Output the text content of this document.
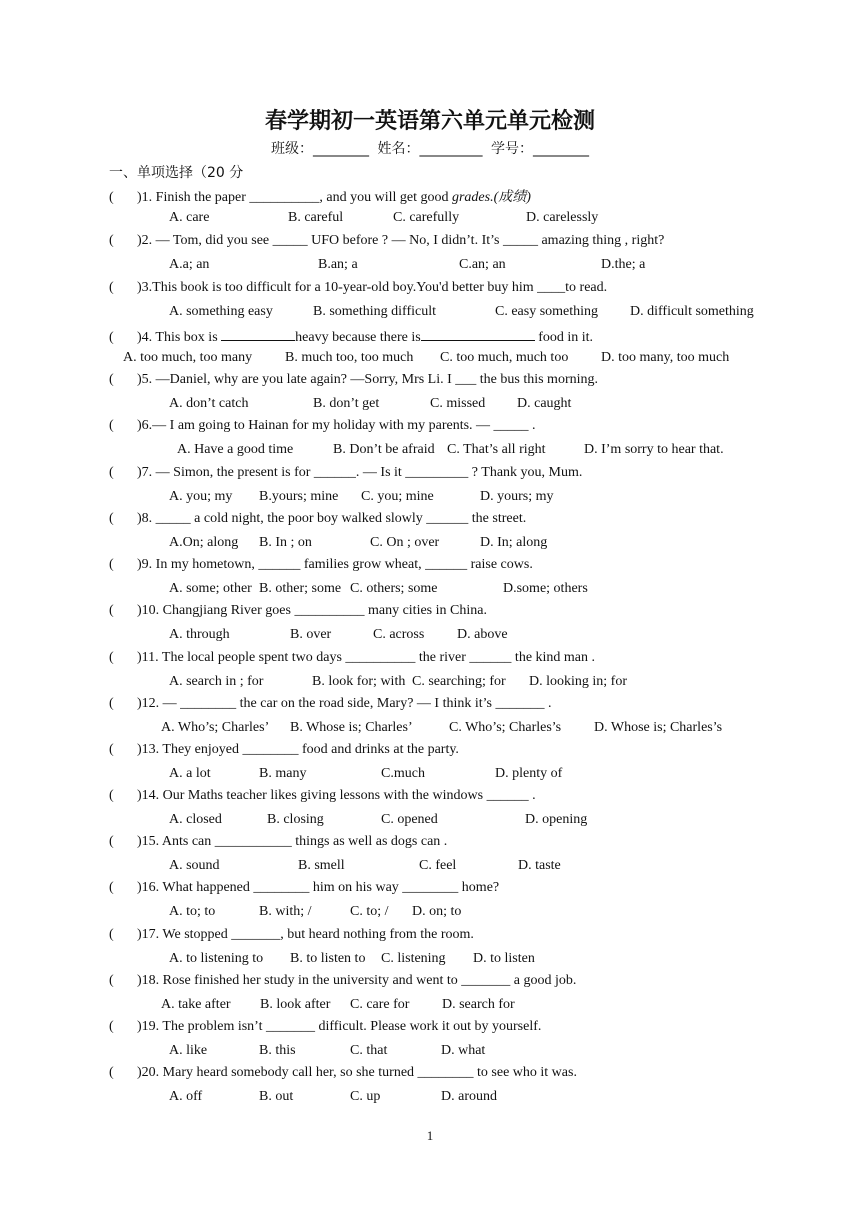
春学期初一英语第六单元单元检测
班级：________ 姓名：_________ 学号：________
一、单项选择（20 分
( )1. Finish the paper __________, and you will get good grades.(成绩)
A. care	B. careful	C. carefully	D. carelessly
( )2. — Tom, did you see _____ UFO before ? — No, I didn’t. It’s _____ amazing thing , right?
A.a; an	B.an; a	C.an; an	D.the; a
( )3.This book is too difficult for a 10-year-old boy.You'd better buy him ____to read.
A. something easy	B. something difficult	C. easy something D. difficult something
( )4. This box is	heavy because there is	food in it.
A. too much, too many B. much too, too much C. too much, much too D. too many, too much
( )5. —Daniel, why are you late again? —Sorry, Mrs Li. I ___ the bus this morning.
A. don’t catch	B. don’t get	C. missed D. caught
( )6.— I am going to Hainan for my holiday with my parents. — _____ .
A. Have a good time	B. Don’t be afraid C. That’s all right	D. I’m sorry to hear that.
( )7. — Simon, the present is for ______. — Is it _________ ? Thank you, Mum.
A. you; my B.yours; mine C. you; mine	D. yours; my
( )8. _____ a cold night, the poor boy walked slowly ______ the street.
A.On; along B. In ; on	C. On ; over	D. In; along
( )9. In my hometown, ______ families grow wheat, ______ raise cows.
A. some; other B. other; some C. others; some	D.some; others
( )10. Changjiang River goes __________ many cities in China.
A. through	B. over	C. across D. above
( )11. The local people spent two days __________ the river ______ the kind man .
A. search in ; for	B. look for; with C. searching; for D. looking in; for
( )12. — ________ the car on the road side, Mary? — I think it’s _______ .
A. Who’s; Charles’ B. Whose is; Charles’	C. Who’s; Charles’s D. Whose is; Charles’s
( )13. They enjoyed ________ food and drinks at the party.
A. a lot	B. many	C.much	D. plenty of
( )14. Our Maths teacher likes giving lessons with the windows ______ .
A. closed	B. closing	C. opened	D. opening
( )15. Ants can ___________ things as well as dogs can .
A. sound	B. smell	C. feel	D. taste
( )16. What happened ________ him on his way ________ home?
A. to; to	B. with; /	C. to; / D. on; to
( )17. We stopped _______, but heard nothing from the room.
A. to listening to B. to listen to C. listening D. to listen
( )18. Rose finished her study in the university and went to _______ a good job.
A. take after B. look after C. care for D. search for
( )19. The problem isn’t _______ difficult. Please work it out by yourself.
A. like	B. this	C. that	D. what
( )20. Mary heard somebody call her, so she turned ________ to see who it was.
A. off	B. out	C. up	D. around
1
